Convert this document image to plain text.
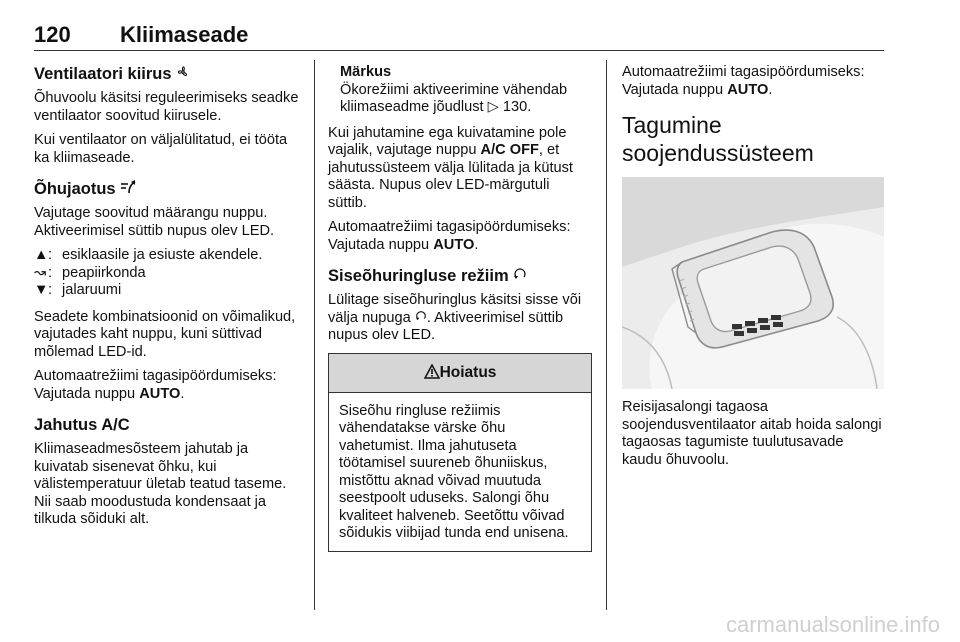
120 Kliimaseade
Ventilaatori kiirus

Õhuvoolu käsitsi reguleerimiseks seadke ventilaator soovitud kiirusele.

Kui ventilaator on väljalülitatud, ei tööta ka kliimaseade.

Õhujaotus

Vajutage soovitud määrangu nuppu. Aktiveerimisel süttib nupus olev LED.

▲ : esiklaasile ja esiuste akendele.
↝ : peapiirkonda
▼ : jalaruumi

Seadete kombinatsioonid on võimalikud, vajutades kaht nuppu, kuni süttivad mõlemad LED-id.

Automaatrežiimi tagasipöördumiseks: Vajutada nuppu AUTO.

Jahutus A/C

Kliimaseadmesõsteem jahutab ja kuivatab sisenevat õhku, kui välistemperatuur ületab teatud taseme. Nii saab moodustuda kondensaat ja tilkuda sõiduki alt.

Märkus
Ökorežiimi aktiveerimine vähendab kliimaseadme jõudlust ▷ 130.

Kui jahutamine ega kuivatamine pole vajalik, vajutage nuppu A/C OFF, et jahutussüsteem välja lülitada ja kütust säästa. Nupus olev LED-märgutuli süttib.

Automaatrežiimi tagasipöördumiseks: Vajutada nuppu AUTO.

Siseõhuringluse režiim

Lülitage siseõhuringlus käsitsi sisse või välja nupuga . Aktiveerimisel süttib nupus olev LED.

Hoiatus
Siseõhu ringluse režiimis vähendatakse värske õhu vahetumist. Ilma jahutuseta töötamisel suureneb õhuniiskus, mistõttu aknad võivad muutuda seestpoolt uduseks. Salongi õhu kvaliteet halveneb. Seetõttu võivad sõidukis viibijad tunda end unisena.

Automaatrežiimi tagasipöördumiseks: Vajutada nuppu AUTO.

Tagumine soojendussüsteem

Reisijasalongi tagaosa soojendusventilaator aitab hoida salongi tagaosas tagumiste tuulutusavade kaudu õhuvoolu.

carmanualsonline.info
